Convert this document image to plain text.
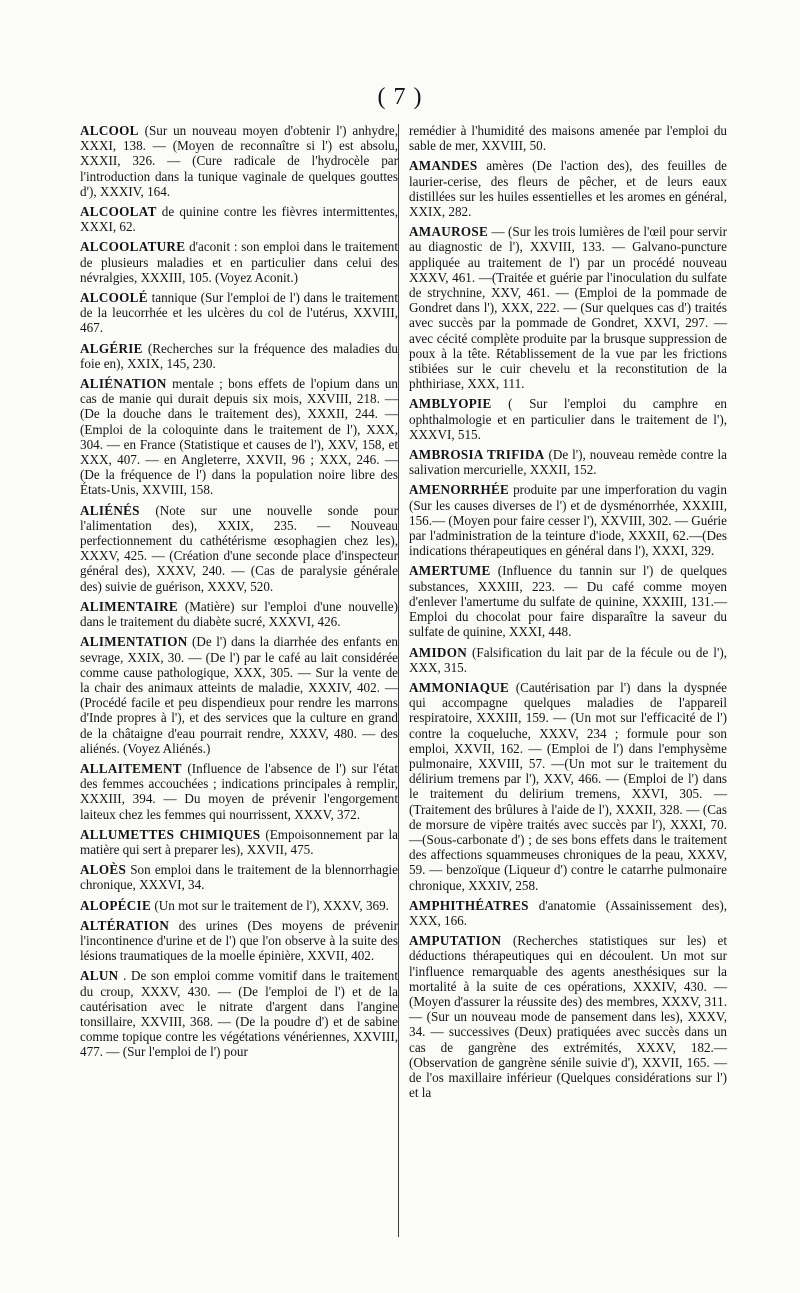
( 7 )

ALCOOL (Sur un nouveau moyen d'obtenir l') anhydre, XXXI, 138. — (Moyen de reconnaître si l') est absolu, XXXII, 326. — (Cure radicale de l'hydrocèle par l'introduction dans la tunique vaginale de quelques gouttes d'), XXXIV, 164.

ALCOOLAT de quinine contre les fièvres intermittentes, XXXI, 62.

ALCOOLATURE d'aconit : son emploi dans le traitement de plusieurs maladies et en particulier dans celui des névralgies, XXXIII, 105. (Voyez Aconit.)

ALCOOLÉ tannique (Sur l'emploi de l') dans le traitement de la leucorrhée et les ulcères du col de l'utérus, XXVIII, 467.

ALGÉRIE (Recherches sur la fréquence des maladies du foie en), XXIX, 145, 230.

ALIÉNATION mentale ; bons effets de l'opium dans un cas de manie qui durait depuis six mois, XXVIII, 218. — (De la douche dans le traitement des), XXXII, 244. — (Emploi de la coloquinte dans le traitement de l'), XXX, 304. — en France (Statistique et causes de l'), XXV, 158, et XXX, 407. — en Angleterre, XXVII, 96 ; XXX, 246. — (De la fréquence de l') dans la population noire libre des États-Unis, XXVIII, 158.

ALIÉNÉS (Note sur une nouvelle sonde pour l'alimentation des), XXIX, 235. — Nouveau perfectionnement du cathétérisme œsophagien chez les), XXXV, 425. — (Création d'une seconde place d'inspecteur général des), XXXV, 240. — (Cas de paralysie générale des) suivie de guérison, XXXV, 520.

ALIMENTAIRE (Matière) sur l'emploi d'une nouvelle) dans le traitement du diabète sucré, XXXVI, 426.

ALIMENTATION (De l') dans la diarrhée des enfants en sevrage, XXIX, 30. — (De l') par le café au lait considérée comme cause pathologique, XXX, 305. — Sur la vente de la chair des animaux atteints de maladie, XXXIV, 402. — (Procédé facile et peu dispendieux pour rendre les marrons d'Inde propres à l'), et des services que la culture en grand de la châtaigne d'eau pourrait rendre, XXXV, 480. — des aliénés. (Voyez Aliénés.)

ALLAITEMENT (Influence de l'absence de l') sur l'état des femmes accouchées ; indications principales à remplir, XXXIII, 394. — Du moyen de prévenir l'engorgement laiteux chez les femmes qui nourrissent, XXXV, 372.

ALLUMETTES CHIMIQUES (Empoisonnement par la matière qui sert à preparer les), XXVII, 475.

ALOÈS Son emploi dans le traitement de la blennorrhagie chronique, XXXVI, 34.

ALOPÉCIE (Un mot sur le traitement de l'), XXXV, 369.

ALTÉRATION des urines (Des moyens de prévenir l'incontinence d'urine et de l') que l'on observe à la suite des lésions traumatiques de la moelle épinière, XXVII, 402.

ALUN . De son emploi comme vomitif dans le traitement du croup, XXXV, 430. — (De l'emploi de l') et de la cautérisation avec le nitrate d'argent dans l'angine tonsillaire, XXVIII, 368. — (De la poudre d') et de sabine comme topique contre les végétations vénériennes, XXVIII, 477. — (Sur l'emploi de l') pour

remédier à l'humidité des maisons amenée par l'emploi du sable de mer, XXVIII, 50.

AMANDES amères (De l'action des), des feuilles de laurier-cerise, des fleurs de pêcher, et de leurs eaux distillées sur les huiles essentielles et les aromes en général, XXIX, 282.

AMAUROSE — (Sur les trois lumières de l'œil pour servir au diagnostic de l'), XXVIII, 133. — Galvano-puncture appliquée au traitement de l') par un procédé nouveau XXXV, 461. —(Traitée et guérie par l'inoculation du sulfate de strychnine, XXV, 461. — (Emploi de la pommade de Gondret dans l'), XXX, 222. — (Sur quelques cas d') traités avec succès par la pommade de Gondret, XXVI, 297. — avec cécité complète produite par la brusque suppression de poux à la tête. Rétablissement de la vue par les frictions stibiées sur le cuir chevelu et la reconstitution de la phthiriase, XXX, 111.

AMBLYOPIE ( Sur l'emploi du camphre en ophthalmologie et en particulier dans le traitement de l'), XXXVI, 515.

AMBROSIA TRIFIDA (De l'), nouveau remède contre la salivation mercurielle, XXXII, 152.

AMENORRHÉE produite par une imperforation du vagin (Sur les causes diverses de l') et de dysménorrhée, XXXIII, 156.— (Moyen pour faire cesser l'), XXVIII, 302. — Guérie par l'administration de la teinture d'iode, XXXII, 62.—(Des indications thérapeutiques en général dans l'), XXXI, 329.

AMERTUME (Influence du tannin sur l') de quelques substances, XXXIII, 223. — Du café comme moyen d'enlever l'amertume du sulfate de quinine, XXXIII, 131.—Emploi du chocolat pour faire disparaître la saveur du sulfate de quinine, XXXI, 448.

AMIDON (Falsification du lait par de la fécule ou de l'), XXX, 315.

AMMONIAQUE (Cautérisation par l') dans la dyspnée qui accompagne quelques maladies de l'appareil respiratoire, XXXIII, 159. — (Un mot sur l'efficacité de l') contre la coqueluche, XXXV, 234 ; formule pour son emploi, XXVII, 162. — (Emploi de l') dans l'emphysème pulmonaire, XXVIII, 57. —(Un mot sur le traitement du délirium tremens par l'), XXV, 466. — (Emploi de l') dans le traitement du delirium tremens, XXVI, 305. — (Traitement des brûlures à l'aide de l'), XXXII, 328. — (Cas de morsure de vipère traités avec succès par l'), XXXI, 70.—(Sous-carbonate d') ; de ses bons effets dans le traitement des affections squammeuses chroniques de la peau, XXXV, 59. — benzoïque (Liqueur d') contre le catarrhe pulmonaire chronique, XXXIV, 258.

AMPHITHÉATRES d'anatomie (Assainissement des), XXX, 166.

AMPUTATION (Recherches statistiques sur les) et déductions thérapeutiques qui en découlent. Un mot sur l'influence remarquable des agents anesthésiques sur la mortalité à la suite de ces opérations, XXXIV, 430. — (Moyen d'assurer la réussite des) des membres, XXXV, 311. — (Sur un nouveau mode de pansement dans les), XXXV, 34. — successives (Deux) pratiquées avec succès dans un cas de gangrène des extrémités, XXXV, 182.— (Observation de gangrène sénile suivie d'), XXVII, 165. — de l'os maxillaire inférieur (Quelques considérations sur l') et la
